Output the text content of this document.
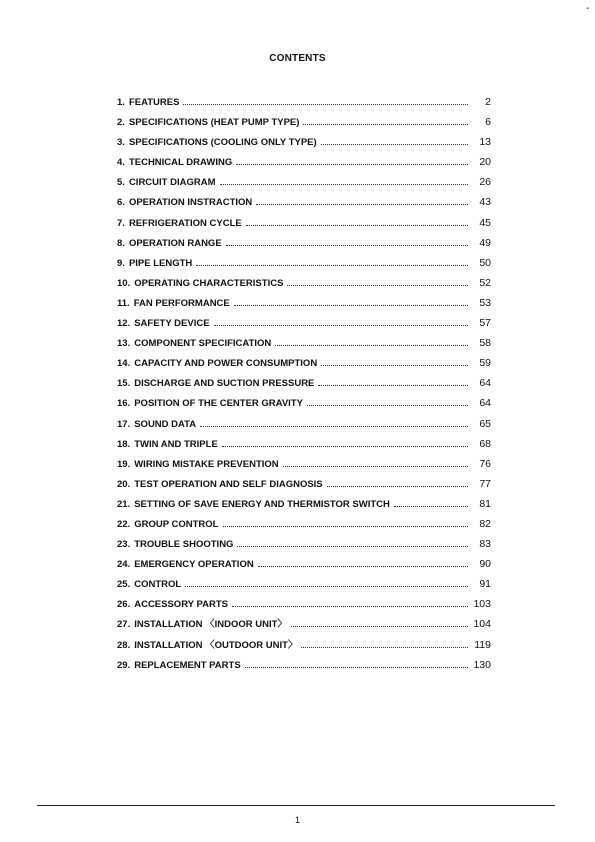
-
CONTENTS
1. FEATURES	2
2. SPECIFICATIONS (HEAT PUMP TYPE)	6
3. SPECIFICATIONS (COOLING ONLY TYPE)	13
4. TECHNICAL DRAWING	20
5. CIRCUIT DIAGRAM	26
6. OPERATION INSTRACTION	43
7. REFRIGERATION CYCLE	45
8. OPERATION RANGE	49
9. PIPE LENGTH	50
10. OPERATING CHARACTERISTICS	52
11. FAN PERFORMANCE	53
12. SAFETY DEVICE	57
13. COMPONENT SPECIFICATION	58
14. CAPACITY AND POWER CONSUMPTION	59
15. DISCHARGE AND SUCTION PRESSURE	64
16. POSITION OF THE CENTER GRAVITY	64
17. SOUND DATA	65
18. TWIN AND TRIPLE	68
19. WIRING MISTAKE PREVENTION	76
20. TEST OPERATION AND SELF DIAGNOSIS	77
21. SETTING OF SAVE ENERGY AND THERMISTOR SWITCH	81
22. GROUP CONTROL	82
23. TROUBLE SHOOTING	83
24. EMERGENCY OPERATION	90
25. CONTROL	91
26. ACCESSORY PARTS	103
27. INSTALLATION 〈INDOOR UNIT〉	104
28. INSTALLATION 〈OUTDOOR UNIT〉	119
29. REPLACEMENT PARTS	130
1
